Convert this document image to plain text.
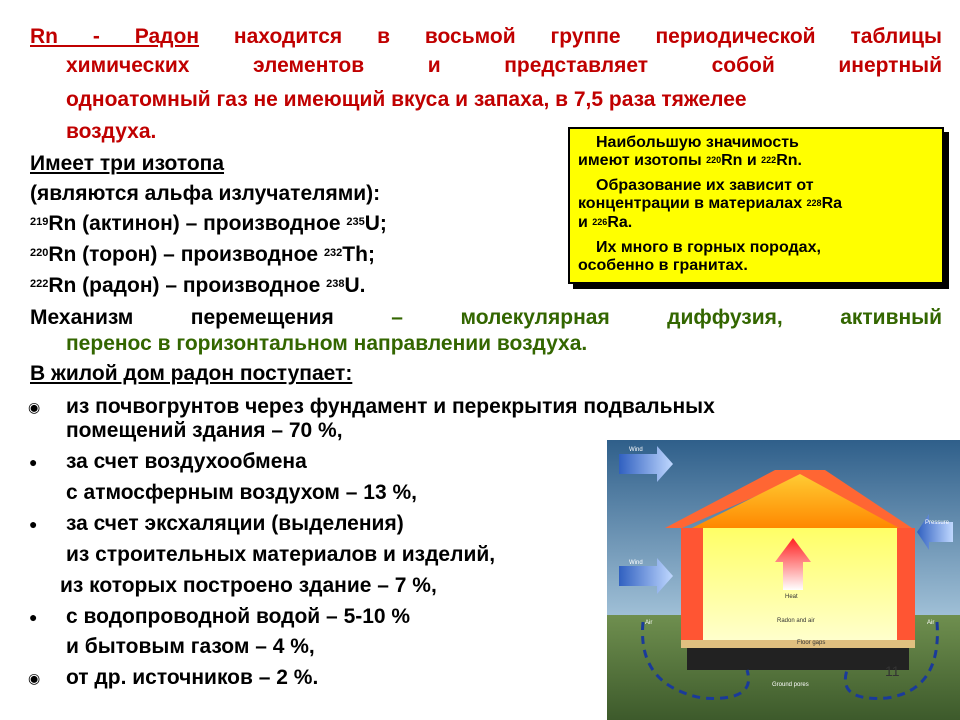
Rn - Радон находится в восьмой группе периодической таблицы
химических элементов и представляет собой инертный
одноатомный газ не имеющий вкуса и запаха, в 7,5 раза тяжелее
воздуха.
Имеет три изотопа
(являются альфа излучателями):
$^{219}$Rn (актинон) – производное $^{235}$U;
$^{220}$Rn (торон) – производное $^{232}$Th;
$^{222}$Rn (радон) – производное $^{238}$U.
Механизм перемещения – молекулярная диффузия, активный
перенос в горизонтальном направлении воздуха.
В жилой дом радон поступает:
◉ из почвогрунтов через фундамент и перекрытия подвальных
помещений здания – 70 %,
● за счет воздухообмена
с атмосферным воздухом – 13 %,
● за счет эксхаляции (выделения)
из строительных материалов и изделий,
из которых построено здание – 7 %,
● с водопроводной водой – 5-10 %
и бытовым газом – 4 %,
◉ от др. источников – 2 %.
Наибольшую значимость
имеют изотопы $^{220}$Rn и $^{222}$Rn.
Образование их зависит от
концентрации в материалах $^{228}$Ra
и $^{226}$Ra.
Их много в горных породах,
особенно в гранитах.
Wind
Wind
Pressure
Heat
Radon and air
Floor gaps
Air	Air
Ground pores
11
